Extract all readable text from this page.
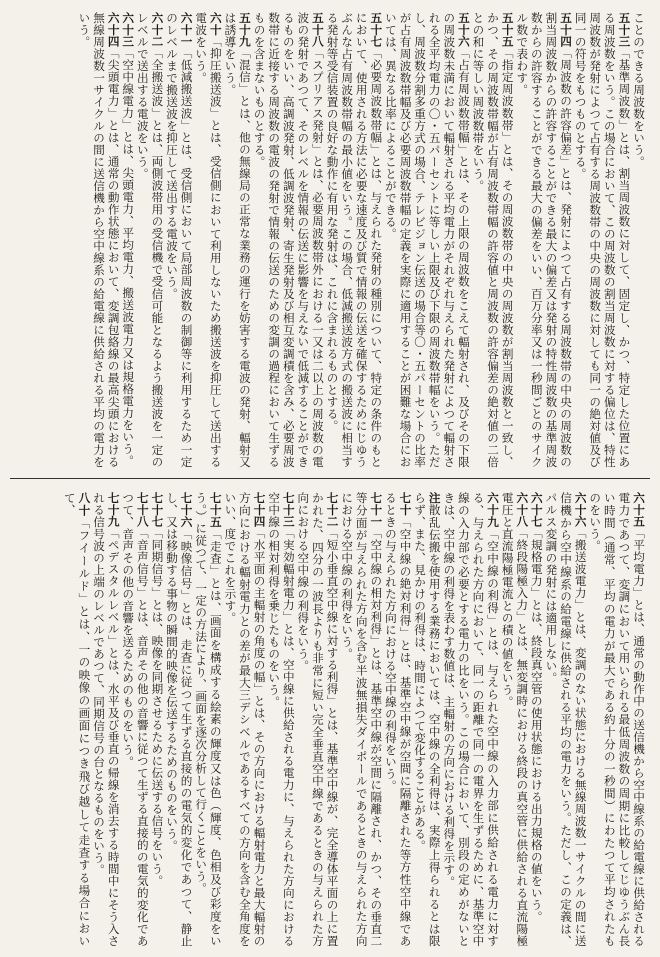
ことのできる周波数をいう。

五十三「基準周波数」とは、割当周波数に対して、固定し、かつ、特定した位置にある周波数をいう。この場合において、この周波数の割当周波数に対する偏位は、特性周波数が発射によつて占有する周波数帯の中央の周波数に対しても同一の絶対値及び同一の符号をもつものとする。

五十四「周波数の許容偏差」とは、発射によつて占有する周波数帯の中央の周波数の割当周波数からの許容することができる最大の偏差又は発射の特性周波数の基準周波数からの許容することができる最大の偏差をいい、百万分率又は一秒間ごとのサイクル数で表わす。

五十五「指定周波数帯」とは、その周波数帯の中央の周波数が割当周波数と一致し、かつ、その周波数帯幅が占有周波数帯幅の許容値と周波数の許容偏差の絶対値の二倍との和に等しい周波数帯をいう。

五十六「占有周波数帯幅」とは、その上限の周波数をこえて輻射され、及びその下限の周波数未満において輻射される平均電力がそれぞれ与えられた発射によつて輻射される全平均電力の〇・五パーセントに等しい上限及び下限の周波数帯幅をいう。ただし、周波数分割多重方式の場合、テレビジョン伝送の場合等〇・五パーセントの比率が占有周波数帯幅及び必要周波数帯幅の定義を実際に適用することが困難な場合においては、異なる比率によることができる。

五十七「必要周波数帯幅」とは、与えられた発射の種別について、特定の条件のもとにおいて、使用される方法に必要な速度及び質で情報の伝送を確保するためにじゆうぶんな占有周波数帯幅の最小値をいう。この場合、低減搬送波方式の搬送波に相当する発射等受信装置の良好な動作に有用な発射は、これに含まれるものとする。

五十八「スプリアス発射」とは、必要周波数帯外における一又は二以上の周波数の電波の発射であつて、そのレベルを情報の伝送に影響を与えないで低減することができるものをいい、高調波発射、低調波発射、寄生発射及び相互変調積を含み、必要周波数帯に近接する周波数の電波の発射で情報の伝送のための変調の過程において生ずるものを含まないものとする。

五十九「混信」とは、他の無線局の正常な業務の運行を妨害する電波の発射、輻射又は誘導をいう。

六十「抑圧搬送波」とは、受信側において利用しないため搬送波を抑圧して送出する電波をいう。

六十一「低減搬送波」とは、受信側において局部周波数の制御等に利用するため一定のレベルまで搬送波を抑圧して送出する電波をいう。

六十二「全搬送波」とは、両側波帯用の受信機で受信可能となるよう搬送波を一定のレベルで送出する電波をいう。

六十三「空中線電力」とは、尖頭電力、平均電力、搬送波電力又は規格電力をいう。

六十四「尖頭電力」とは、通常の動作状態において、変調包絡線の最高尖頭における無線周波数一サイクルの間に送信機から空中線系の給電線に供給される平均の電力をいう。

六十五「平均電力」とは、通常の動作中の送信機から空中線系の給電線に供給される電力であつて、変調において用いられる最低周波数の周期に比較してじゆうぶん長い時間（通常、平均の電力が最大である約十分の一秒間）にわたつて平均されたものをいう。

六十六「搬送波電力」とは、変調のない状態における無線周波数一サイクルの間に送信機から空中線系の給電線に供給される平均の電力をいう。ただし、この定義は、パルス変調の発射には適用しない。

六十七「規格電力」とは、終段真空管の使用状態における出力規格の値をいう。

六十八「終段陽極入力」とは、無変調時における終段の真空管に供給される直流陽極電圧と直流陽極電流との積の値をいう。

六十九「空中線の利得」とは、与えられた空中線の入力部に供給される電力に対する、与えられた方向において、同一の距離で同一の電界を生ずるために、基準空中線の入力部で必要とする電力の比をいう。この場合において、別段の定めがないときは、空中線の利得を表わす数値は、主輻射の方向における利得を示す。

注散乱伝搬を使用する業務においては、空中線の全利得は、実際上得られるとは限らず、また、見かけの利得は、時間によつて変化することがある。

七十「空中線の絶対利得」とは、基準空中線が空間に隔離された等方性空中線であるときの与えられた方向における空中線の利得をいう。

七十一「空中線の相対利得」とは、基準空中線が空間に隔離され、かつ、その垂直二等分面が与えられた方向を含む半波無損失ダイポールであるときの与えられた方向における空中線の利得をいう。

七十二「短小垂直空中線に対する利得」とは、基準空中線が、完全導体平面の上に置かれた、四分の一波長よりも非常に短い完全垂直空中線であるときの与えられた方向における空中線の利得をいう。

七十三「実効輻射電力」とは、空中線に供給される電力に、与えられた方向における空中線の相対利得を乗じたものをいう。

七十四「水平面の主輻射の角度の幅」とは、その方向における輻射電力と最大輻射の方向における輻射電力との差が最大三デシベルであるすべての方向を含む全角度をいい、度でこれを示す。

七十五「走査」とは、画面を構成する絵素の輝度又は色（輝度、色相及び彩度をいう。）に従つて、一定の方法により、画面を逐次分析して行くことをいう。

七十六「映像信号」とは、走査に従つて生ずる直接的の電気的変化であつて、静止し、又は移動する事物の瞬間的映像を伝送するためのものをいう。

七十七「同期信号」とは、映像を同期させるために伝送する信号をいう。

七十八「音声信号」とは、音声その他の音響に従つて生ずる直接的の電気的変化であつて、音声その他の音響を送るためのものをいう。

七十九「ペデスタルレベル」とは、水平及び垂直の帰線を消去する時間中にそう入される信号波の上端のレベルであつて、同期信号の台となるものをいう。

八十「フイールド」とは、一の映像の画面につき飛び越して走査する場合において、
